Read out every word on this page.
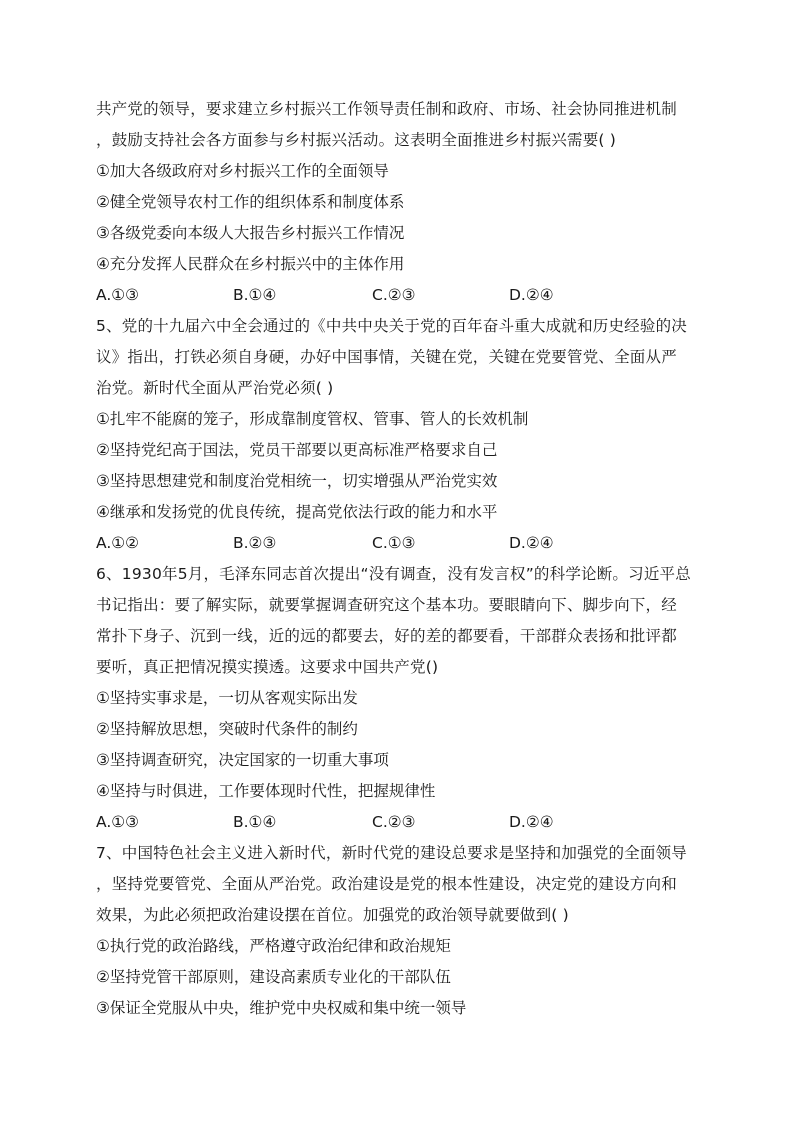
共产党的领导，要求建立乡村振兴工作领导责任制和政府、市场、社会协同推进机制
，鼓励支持社会各方面参与乡村振兴活动。这表明全面推进乡村振兴需要( )
①加大各级政府对乡村振兴工作的全面领导
②健全党领导农村工作的组织体系和制度体系
③各级党委向本级人大报告乡村振兴工作情况
④充分发挥人民群众在乡村振兴中的主体作用
A.①③	B.①④	C.②③	D.②④
5、党的十九届六中全会通过的《中共中央关于党的百年奋斗重大成就和历史经验的决
议》指出，打铁必须自身硬，办好中国事情，关键在党，关键在党要管党、全面从严
治党。新时代全面从严治党必须( )
①扎牢不能腐的笼子，形成靠制度管权、管事、管人的长效机制
②坚持党纪高于国法，党员干部要以更高标准严格要求自己
③坚持思想建党和制度治党相统一，切实增强从严治党实效
④继承和发扬党的优良传统，提高党依法行政的能力和水平
A.①②	B.②③	C.①③	D.②④
6、1930年5月，毛泽东同志首次提出“没有调查，没有发言权”的科学论断。习近平总
书记指出：要了解实际，就要掌握调查研究这个基本功。要眼睛向下、脚步向下，经
常扑下身子、沉到一线，近的远的都要去，好的差的都要看，干部群众表扬和批评都
要听，真正把情况摸实摸透。这要求中国共产党()
①坚持实事求是，一切从客观实际出发
②坚持解放思想，突破时代条件的制约
③坚持调查研究，决定国家的一切重大事项
④坚持与时俱进，工作要体现时代性，把握规律性
A.①③	B.①④	C.②③	D.②④
7、中国特色社会主义进入新时代，新时代党的建设总要求是坚持和加强党的全面领导
，坚持党要管党、全面从严治党。政治建设是党的根本性建设，决定党的建设方向和
效果，为此必须把政治建设摆在首位。加强党的政治领导就要做到( )
①执行党的政治路线，严格遵守政治纪律和政治规矩
②坚持党管干部原则，建设高素质专业化的干部队伍
③保证全党服从中央，维护党中央权威和集中统一领导
